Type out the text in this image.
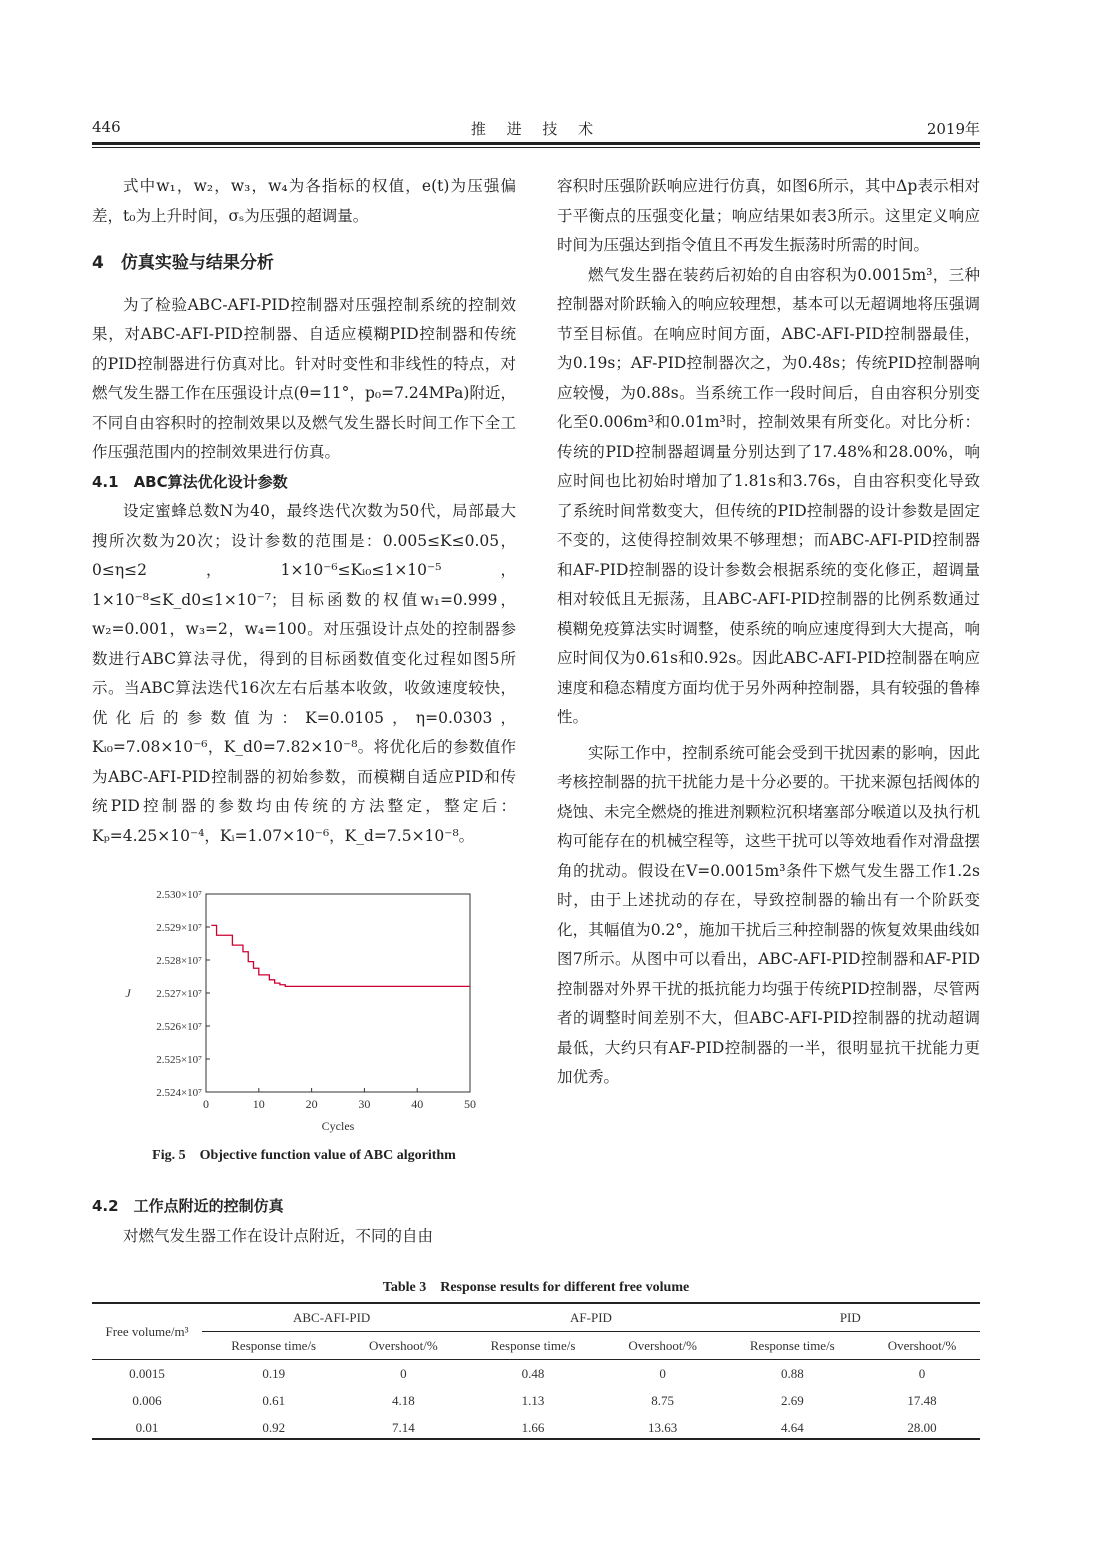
446	推 进 技 术	2019年

式中w₁，w₂，w₃，w₄为各指标的权值，e(t)为压强偏差，t₀为上升时间，σₛ为压强的超调量。

4　仿真实验与结果分析

为了检验ABC-AFI-PID控制器对压强控制系统的控制效果，对ABC-AFI-PID控制器、自适应模糊PID控制器和传统的PID控制器进行仿真对比。针对时变性和非线性的特点，对燃气发生器工作在压强设计点(θ=11°，p₀=7.24MPa)附近，不同自由容积时的控制效果以及燃气发生器长时间工作下全工作压强范围内的控制效果进行仿真。

4.1　ABC算法优化设计参数

设定蜜蜂总数N为40，最终迭代次数为50代，局部最大搜所次数为20次；设计参数的范围是：0.005≤K≤0.05，0≤η≤2，1×10⁻⁶≤Kᵢ₀≤1×10⁻⁵，1×10⁻⁸≤K_d0≤1×10⁻⁷；目标函数的权值w₁=0.999，w₂=0.001，w₃=2，w₄=100。对压强设计点处的控制器参数进行ABC算法寻优，得到的目标函数值变化过程如图5所示。当ABC算法迭代16次左右后基本收敛，收敛速度较快，优化后的参数值为：K=0.0105，η=0.0303，Kᵢ₀=7.08×10⁻⁶，K_d0=7.82×10⁻⁸。将优化后的参数值作为ABC-AFI-PID控制器的初始参数，而模糊自适应PID和传统PID控制器的参数均由传统的方法整定，整定后：Kₚ=4.25×10⁻⁴，Kᵢ=1.07×10⁻⁶，K_d=7.5×10⁻⁸。

0	10	20	30	40	50
2.524×10⁷
2.525×10⁷
2.526×10⁷
2.527×10⁷
2.528×10⁷
2.529×10⁷
2.530×10⁷
Cycles
J
Fig. 5　Objective function value of ABC algorithm

4.2　工作点附近的控制仿真

对燃气发生器工作在设计点附近，不同的自由

容积时压强阶跃响应进行仿真，如图6所示，其中Δp表示相对于平衡点的压强变化量；响应结果如表3所示。这里定义响应时间为压强达到指令值且不再发生振荡时所需的时间。

燃气发生器在装药后初始的自由容积为0.0015m³，三种控制器对阶跃输入的响应较理想，基本可以无超调地将压强调节至目标值。在响应时间方面，ABC-AFI-PID控制器最佳，为0.19s；AF-PID控制器次之，为0.48s；传统PID控制器响应较慢，为0.88s。当系统工作一段时间后，自由容积分别变化至0.006m³和0.01m³时，控制效果有所变化。对比分析：传统的PID控制器超调量分别达到了17.48%和28.00%，响应时间也比初始时增加了1.81s和3.76s，自由容积变化导致了系统时间常数变大，但传统的PID控制器的设计参数是固定不变的，这使得控制效果不够理想；而ABC-AFI-PID控制器和AF-PID控制器的设计参数会根据系统的变化修正，超调量相对较低且无振荡，且ABC-AFI-PID控制器的比例系数通过模糊免疫算法实时调整，使系统的响应速度得到大大提高，响应时间仅为0.61s和0.92s。因此ABC-AFI-PID控制器在响应速度和稳态精度方面均优于另外两种控制器，具有较强的鲁棒性。

实际工作中，控制系统可能会受到干扰因素的影响，因此考核控制器的抗干扰能力是十分必要的。干扰来源包括阀体的烧蚀、未完全燃烧的推进剂颗粒沉积堵塞部分喉道以及执行机构可能存在的机械空程等，这些干扰可以等效地看作对滑盘摆角的扰动。假设在V=0.0015m³条件下燃气发生器工作1.2s时，由于上述扰动的存在，导致控制器的输出有一个阶跃变化，其幅值为0.2°，施加干扰后三种控制器的恢复效果曲线如图7所示。从图中可以看出，ABC-AFI-PID控制器和AF-PID控制器对外界干扰的抵抗能力均强于传统PID控制器，尽管两者的调整时间差别不大，但ABC-AFI-PID控制器的扰动超调最低，大约只有AF-PID控制器的一半，很明显抗干扰能力更加优秀。

Table 3　Response results for different free volume
Free volume/m³	ABC-AFI-PID		AF-PID		PID	
	Response time/s	Overshoot/%	Response time/s	Overshoot/%	Response time/s	Overshoot/%
0.0015	0.19	0	0.48	0	0.88	0
0.006	0.61	4.18	1.13	8.75	2.69	17.48
0.01	0.92	7.14	1.66	13.63	4.64	28.00
